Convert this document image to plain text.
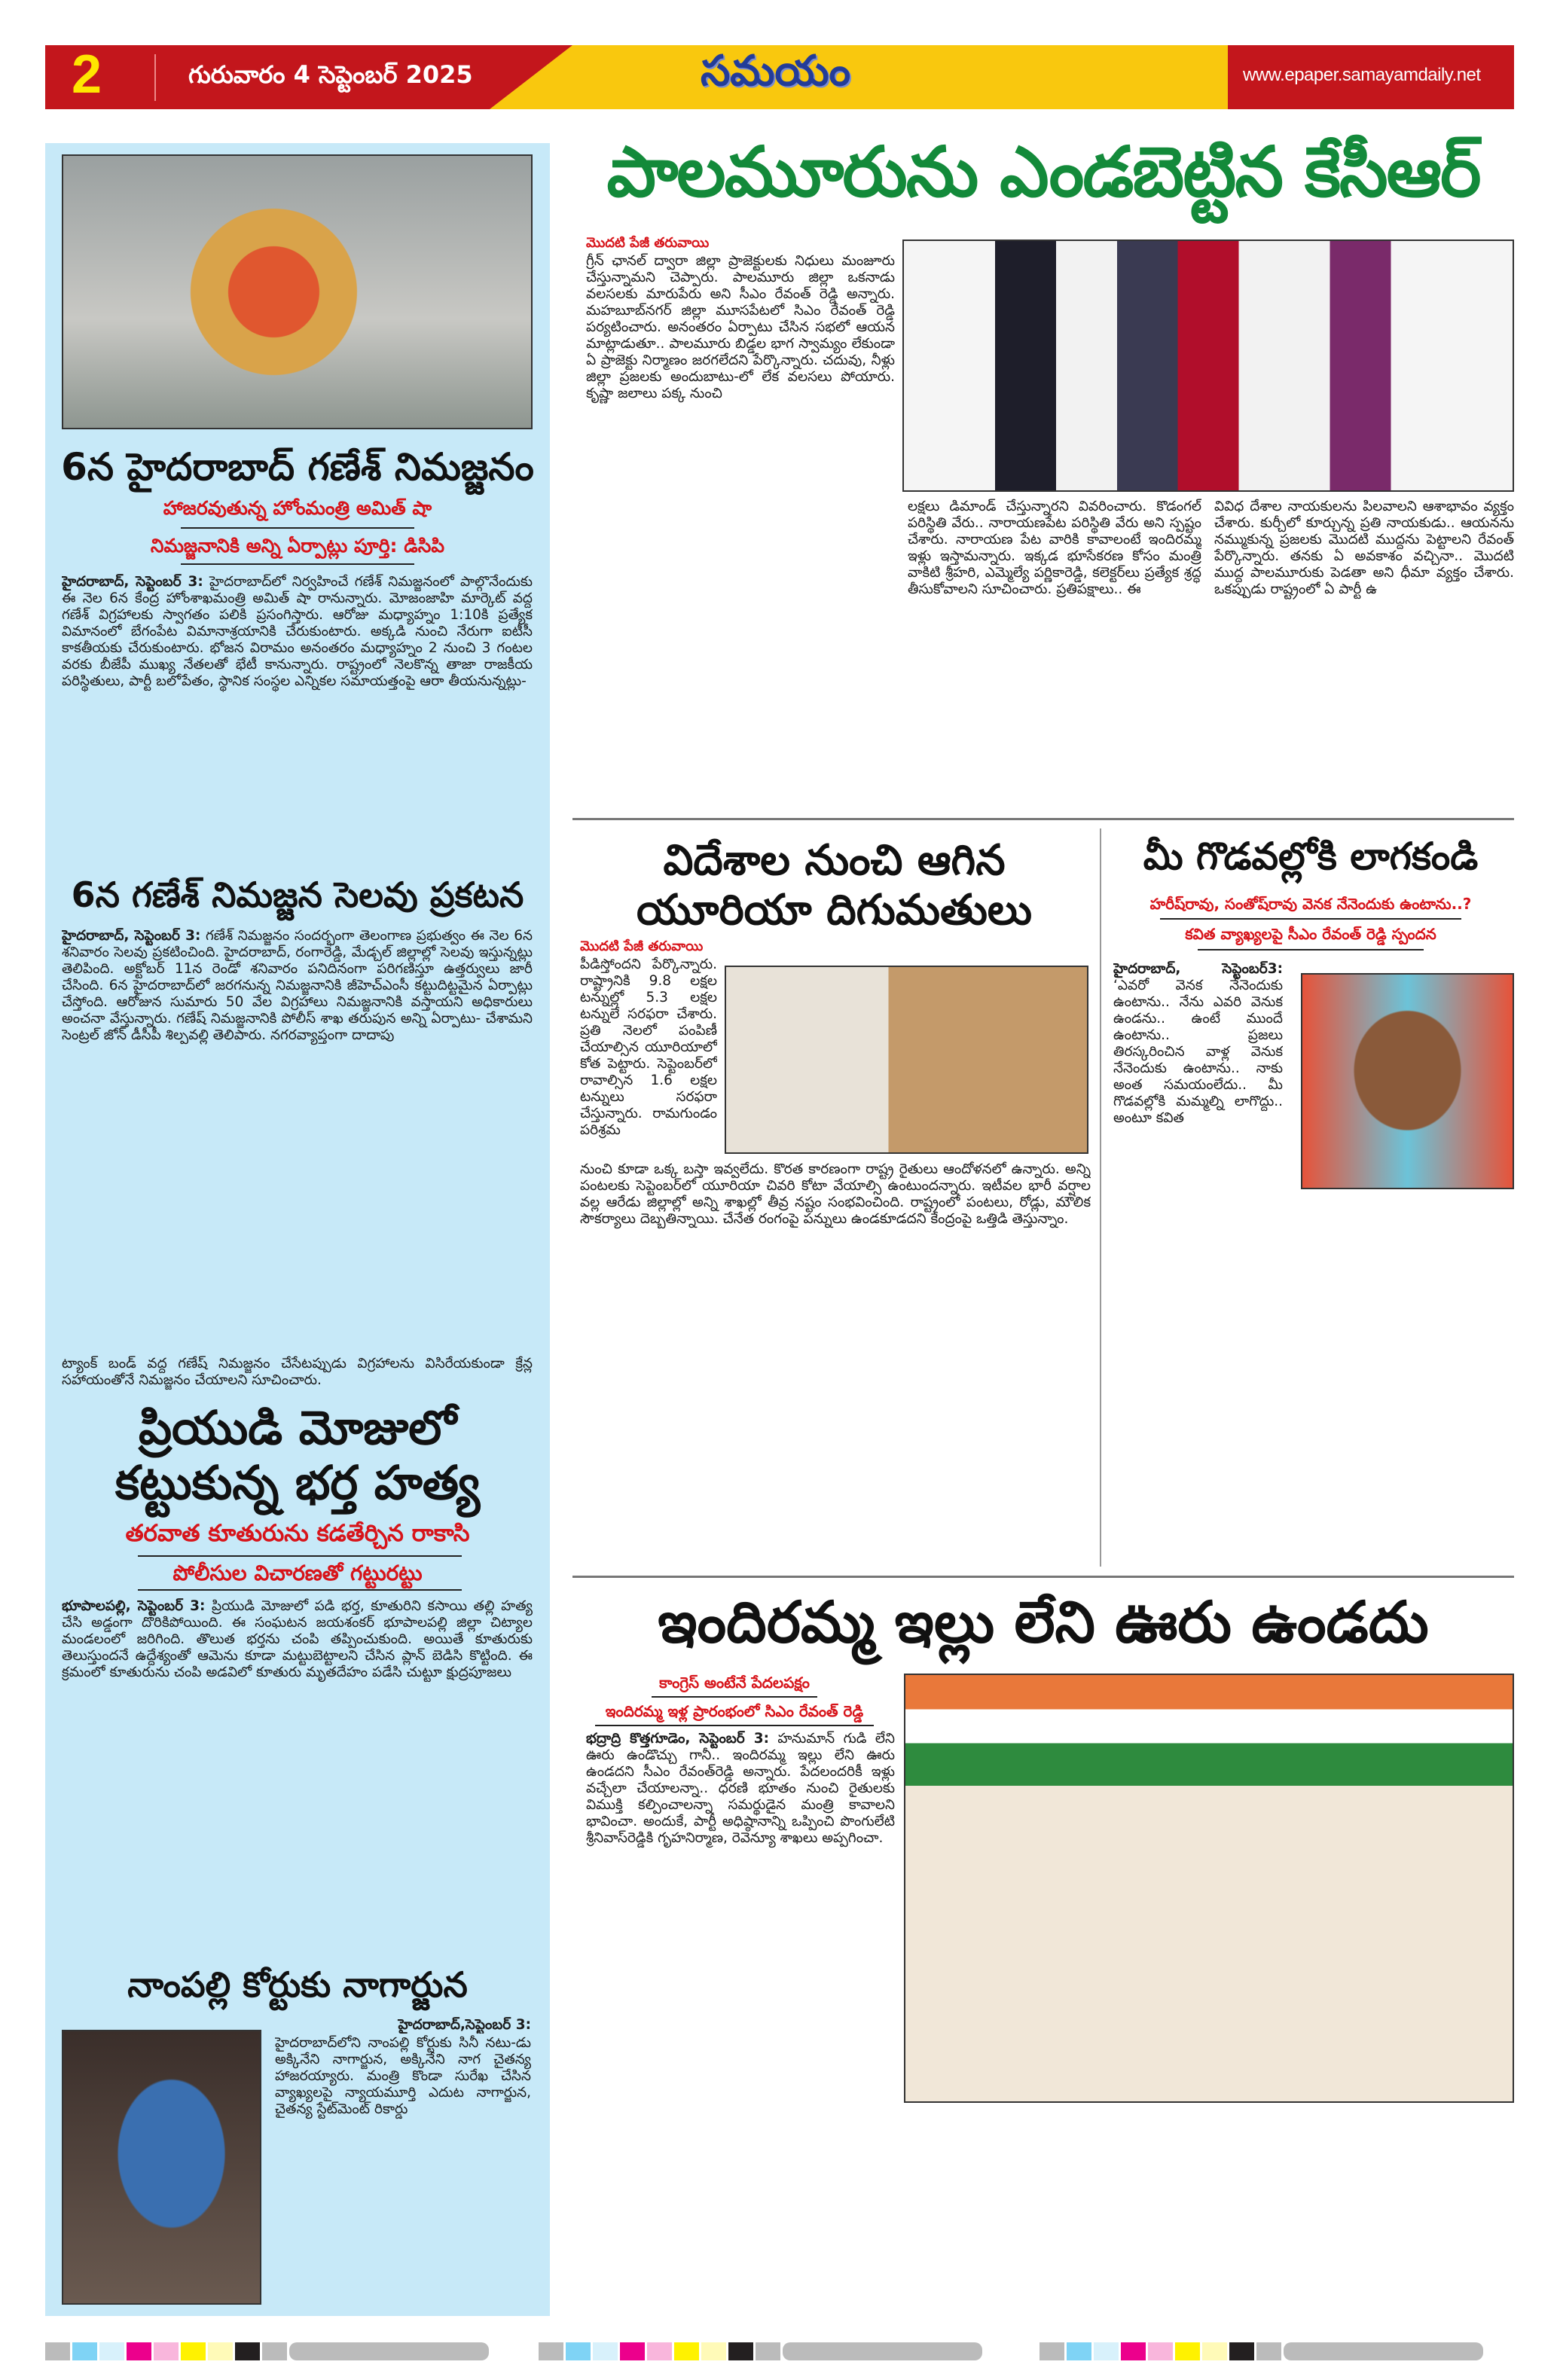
2	గురువారం 4 సెప్టెంబర్ 2025	సమయం	www.epaper.samayamdaily.net
6న హైదరాబాద్ గణేశ్ నిమజ్జనం
హాజరవుతున్న హోంమంత్రి అమిత్ షా
నిమజ్జనానికి అన్ని ఏర్పాట్లు పూర్తి: డిసిపి
హైదరాబాద్, సెప్టెంబర్ 3: హైదరాబాద్‌లో నిర్వహించే గణేశ్ నిమజ్జనంలో పాల్గొనేందుకు ఈ నెల 6న కేంద్ర హోంశాఖమంత్రి అమిత్ షా రానున్నారు. మోజంజాహి మార్కెట్ వద్ద గణేశ్ విగ్రహాలకు స్వాగతం పలికి ప్రసంగిస్తారు. ఆరోజు మధ్యాహ్నం 1:10కి ప్రత్యేక విమానంలో బేగంపేట విమానాశ్రయానికి చేరుకుంటారు. అక్కడి నుంచి నేరుగా ఐటీసీ కాకతీయకు చేరుకుంటారు. భోజన విరామం అనంతరం మధ్యాహ్నం 2 నుంచి 3 గంటల వరకు బీజేపీ ముఖ్య నేతలతో భేటీ కానున్నారు. రాష్ట్రంలో నెలకొన్న తాజా రాజకీయ పరిస్థితులు, పార్టీ బలోపేతం, స్థానిక సంస్థల ఎన్నికల సమాయత్తంపై ఆరా తీయనున్నట్లు-
6న గణేశ్ నిమజ్జన సెలవు ప్రకటన
హైదరాబాద్, సెప్టెంబర్ 3: గణేశ్ నిమజ్జనం సందర్భంగా తెలంగాణ ప్రభుత్వం ఈ నెల 6న శనివారం సెలవు ప్రకటించింది. హైదరాబాద్, రంగారెడ్డి, మేడ్చల్ జిల్లాల్లో సెలవు ఇస్తున్నట్లు తెలిపింది. అక్టోబర్ 11న రెండో శనివారం పనిదినంగా పరిగణిస్తూ ఉత్తర్వులు జారీ చేసింది. 6న హైదరాబాద్‌లో జరగనున్న నిమజ్జనానికి జీహెచ్‌ఎంసీ కట్టుదిట్టమైన ఏర్పాట్లు చేస్తోంది. ఆరోజున సుమారు 50 వేల విగ్రహాలు నిమజ్జనానికి వస్తాయని అధికారులు అంచనా వేస్తున్నారు. గణేష్ నిమజ్జనానికి పోలీస్ శాఖ తరుపున అన్ని ఏర్పాటు- చేశామని సెంట్రల్ జోన్ డీసీపీ శిల్పవల్లి తెలిపారు. నగరవ్యాప్తంగా దాదాపు
ట్యాంక్ బండ్ వద్ద గణేష్ నిమజ్జనం చేసేటప్పుడు విగ్రహాలను విసిరేయకుండా క్రేన్ల సహాయంతోనే నిమజ్జనం చేయాలని సూచించారు.
ప్రియుడి మోజులో
కట్టుకున్న భర్త హత్య
తరవాత కూతురును కడతేర్చిన రాకాసి
పోలీసుల విచారణతో గట్టురట్టు
భూపాలపల్లి, సెప్టెంబర్ 3: ప్రియుడి మోజులో పడి భర్త, కూతురిని కసాయి తల్లి హత్య చేసి అడ్డంగా దొరికిపోయింది. ఈ సంఘటన జయశంకర్ భూపాలపల్లి జిల్లా చిట్యాల మండలంలో జరిగింది. తొలుత భర్తను చంపి తప్పించుకుంది. అయితే కూతురుకు తెలుస్తుందనే ఉద్దేశ్యంతో ఆమెను కూడా మట్టుబెట్టాలని చేసిన ప్లాన్ బెడిసి కొట్టింది. ఈ క్రమంలో కూతురును చంపి అడవిలో కూతురు మృతదేహం పడేసి చుట్టూ క్షుద్రపూజలు
నాంపల్లి కోర్టుకు నాగార్జున
హైదరాబాద్,సెప్టెంబర్ 3:
హైదరాబాద్‌లోని నాంపల్లి కోర్టుకు సినీ నటు-డు అక్కినేని నాగార్జున, అక్కినేని నాగ చైతన్య హాజరయ్యారు. మంత్రి కొండా సురేఖ చేసిన వ్యాఖ్యలపై న్యాయమూర్తి ఎదుట నాగార్జున, చైతన్య స్టేట్‌మెంట్ రికార్డు
పాలమూరును ఎండబెట్టిన కేసీఆర్
మొదటి పేజీ తరువాయి
గ్రీన్ ఛానల్ ద్వారా జిల్లా ప్రాజెక్టులకు నిధులు మంజూరు చేస్తున్నామని చెప్పారు. పాలమూరు జిల్లా ఒకనాడు వలసలకు మారుపేరు అని సీఎం రేవంత్ రెడ్డి అన్నారు. మహబూబ్‌నగర్ జిల్లా మూసపేటలో సిఎం రేవంత్ రెడ్డి పర్యటించారు. అనంతరం ఏర్పాటు చేసిన సభలో ఆయన మాట్లాడుతూ.. పాలమూరు బిడ్డల భాగ స్వామ్యం లేకుండా ఏ ప్రాజెక్టు నిర్మాణం జరగలేదని పేర్కొన్నారు. చదువు, నీళ్లు జిల్లా ప్రజలకు అందుబాటు-లో లేక వలసలు పోయారు. కృష్ణా జలాలు పక్క నుంచి
లక్షలు డిమాండ్ చేస్తున్నారని వివరించారు. కొడంగల్ పరిస్థితి వేరు.. నారాయణపేట పరిస్థితి వేరు అని స్పష్టం చేశారు. నారాయణ పేట వారికి కావాలంటే ఇందిరమ్మ ఇళ్లు ఇస్తామన్నారు. ఇక్కడ భూసేకరణ కోసం మంత్రి వాకిటి శ్రీహరి, ఎమ్మెల్యే పర్ణికారెడ్డి, కలెక్టర్‌లు ప్రత్యేక శ్రద్ధ తీసుకోవాలని సూచించారు. ప్రతిపక్షాలు.. ఈ
వివిధ దేశాల నాయకులను పిలవాలని ఆశాభావం వ్యక్తం చేశారు. కుర్చీలో కూర్చున్న ప్రతి నాయకుడు.. ఆయనను నమ్ముకున్న ప్రజలకు మొదటి ముద్దను పెట్టాలని రేవంత్ పేర్కొన్నారు. తనకు ఏ అవకాశం వచ్చినా.. మొదటి ముద్ద పాలమూరుకు పెడతా అని ధీమా వ్యక్తం చేశారు. ఒకప్పుడు రాష్ట్రంలో ఏ పార్టీ ఉ
విదేశాల నుంచి ఆగిన
యూరియా దిగుమతులు
మొదటి పేజీ తరువాయి
పీడిస్తోందని పేర్కొన్నారు. రాష్ట్రానికి 9.8 లక్షల టన్నుల్లో 5.3 లక్షల టన్నులే సరఫరా చేశారు. ప్రతి నెలలో పంపిణీ చేయాల్సిన యూరియాలో కోత పెట్టారు. సెప్టెంబర్‌లో రావాల్సిన 1.6 లక్షల టన్నులు సరఫరా చేస్తున్నారు. రామగుండం పరిశ్రమ
నుంచి కూడా ఒక్క బస్తా ఇవ్వలేదు. కొరత కారణంగా రాష్ట్ర రైతులు ఆందోళనలో ఉన్నారు. అన్ని పంటలకు సెప్టెంబర్‌లో యూరియా చివరి కోటా వేయాల్సి ఉంటుందన్నారు. ఇటీవల భారీ వర్షాల వల్ల ఆరేడు జిల్లాల్లో అన్ని శాఖల్లో తీవ్ర నష్టం సంభవించింది. రాష్ట్రంలో పంటలు, రోడ్లు, మౌలిక సౌకర్యాలు దెబ్బతిన్నాయి. చేనేత రంగంపై పన్నులు ఉండకూడదని కేంద్రంపై ఒత్తిడి తెస్తున్నాం.
మీ గొడవల్లోకి లాగకండి
హరీష్‌రావు, సంతోష్‌రావు వెనక నేనెందుకు ఉంటాను..?
కవిత వ్యాఖ్యలపై సీఎం రేవంత్ రెడ్డి స్పందన
హైదరాబాద్, సెప్టెంబర్3: ‘ఎవరో వెనక నేనెందుకు ఉంటాను.. నేను ఎవరి వెనుక ఉండను.. ఉంటే ముందే ఉంటాను.. ప్రజలు తిరస్కరించిన వాళ్ల వెనుక నేనెందుకు ఉంటాను.. నాకు అంత సమయంలేదు.. మీ గొడవల్లోకి మమ్మల్ని లాగొద్దు.. అంటూ కవిత
ఇందిరమ్మ ఇల్లు లేని ఊరు ఉండదు
కాంగ్రెస్ అంటేనే పేదలపక్షం
ఇందిరమ్మ ఇళ్ల ప్రారంభంలో సిఎం రేవంత్ రెడ్డి
భద్రాద్రి కొత్తగూడెం, సెప్టెంబర్ 3: హనుమాన్ గుడి లేని ఊరు ఉండొచ్చు గానీ.. ఇందిరమ్మ ఇల్లు లేని ఊరు ఉండదని సీఎం రేవంత్‌రెడ్డి అన్నారు. పేదలందరికీ ఇళ్లు వచ్చేలా చేయాలన్నా.. ధరణి భూతం నుంచి రైతులకు విముక్తి కల్పించాలన్నా సమర్థుడైన మంత్రి కావాలని భావించా. అందుకే, పార్టీ అధిష్ఠానాన్ని ఒప్పించి పొంగులేటి శ్రీనివాస్‌రెడ్డికి గృహనిర్మాణ, రెవెన్యూ శాఖలు అప్పగించా.
